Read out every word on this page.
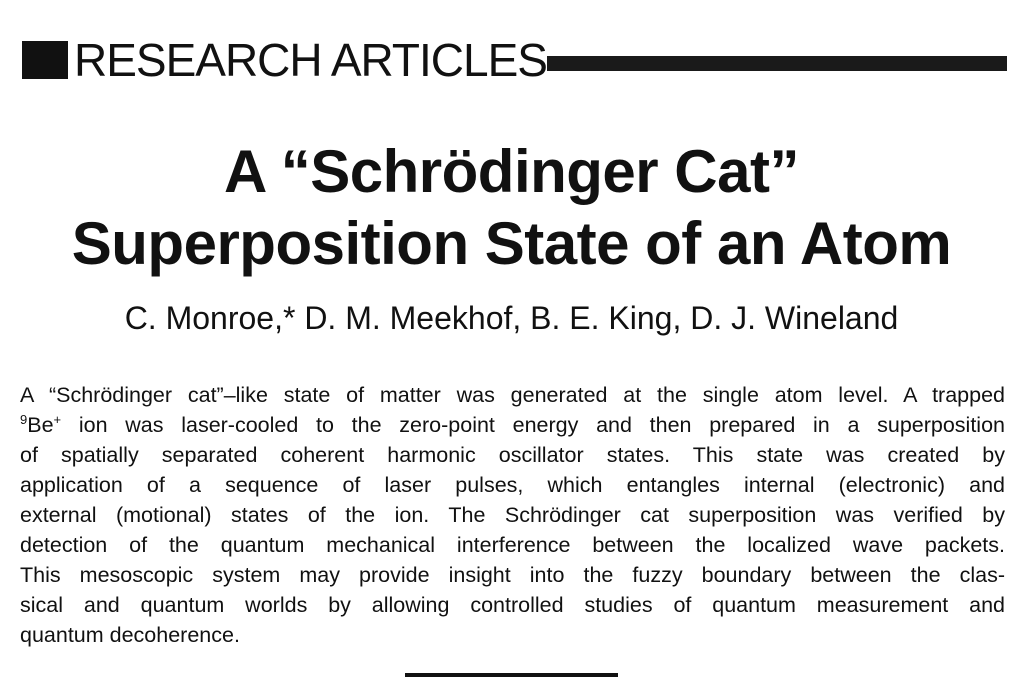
RESEARCH ARTICLES
A “Schrödinger Cat”
Superposition State of an Atom
C. Monroe,* D. M. Meekhof, B. E. King, D. J. Wineland
A “Schrödinger cat”–like state of matter was generated at the single atom level. A trapped
$^9$Be+ ion was laser-cooled to the zero-point energy and then prepared in a superposition
of spatially separated coherent harmonic oscillator states. This state was created by
application of a sequence of laser pulses, which entangles internal (electronic) and
external (motional) states of the ion. The Schrödinger cat superposition was verified by
detection of the quantum mechanical interference between the localized wave packets.
This mesoscopic system may provide insight into the fuzzy boundary between the clas-
sical and quantum worlds by allowing controlled studies of quantum measurement and
quantum decoherence.
